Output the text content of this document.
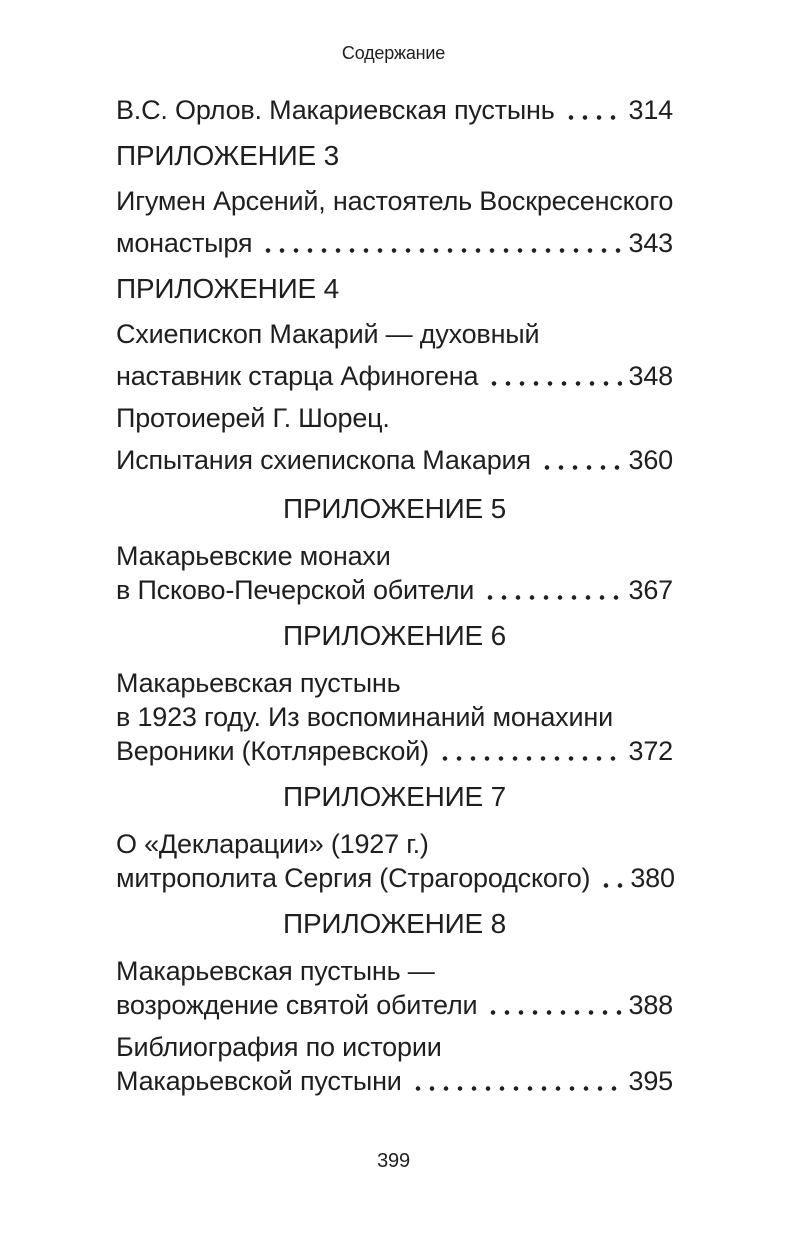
Содержание
В.С. Орлов. Макариевская пустынь	314
ПРИЛОЖЕНИЕ 3
Игумен Арсений, настоятель Воскресенского
монастыря	343
ПРИЛОЖЕНИЕ 4
Схиепископ Макарий — духовный
наставник старца Афиногена	348
Протоиерей Г. Шорец.
Испытания схиепископа Макария	360
ПРИЛОЖЕНИЕ 5
Макарьевские монахи
в Псково-Печерской обители	367
ПРИЛОЖЕНИЕ 6
Макарьевская пустынь
в 1923 году. Из воспоминаний монахини
Вероники (Котляревской)	372
ПРИЛОЖЕНИЕ 7
О «Декларации» (1927 г.)
митрополита Сергия (Страгородского) 380
ПРИЛОЖЕНИЕ 8
Макарьевская пустынь —
возрождение святой обители	388
Библиография по истории
Макарьевской пустыни	395
399
